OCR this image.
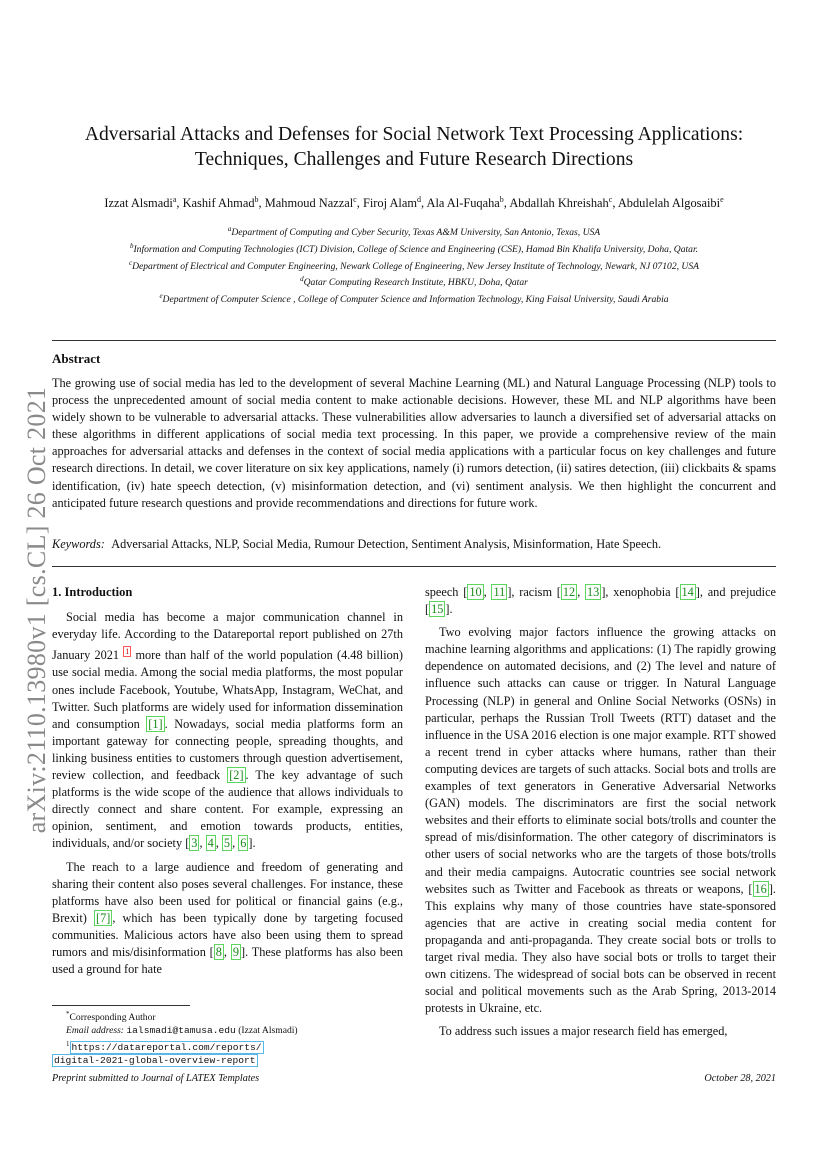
arXiv:2110.13980v1 [cs.CL] 26 Oct 2021
Adversarial Attacks and Defenses for Social Network Text Processing Applications:
Techniques, Challenges and Future Research Directions
Izzat Alsmadi$^a$, Kashif Ahmad$^b$, Mahmoud Nazzal$^c$, Firoj Alam$^d$, Ala Al-Fuqaha$^b$, Abdallah Khreishah$^c$, Abdulelah Algosaibi$^e$
$^a$Department of Computing and Cyber Security, Texas A&M University, San Antonio, Texas, USA
$^b$Information and Computing Technologies (ICT) Division, College of Science and Engineering (CSE), Hamad Bin Khalifa University, Doha, Qatar.
$^c$Department of Electrical and Computer Engineering, Newark College of Engineering, New Jersey Institute of Technology, Newark, NJ 07102, USA
$^d$Qatar Computing Research Institute, HBKU, Doha, Qatar
$^e$Department of Computer Science , College of Computer Science and Information Technology, King Faisal University, Saudi Arabia
Abstract

The growing use of social media has led to the development of several Machine Learning (ML) and Natural Language Processing (NLP) tools to process the unprecedented amount of social media content to make actionable decisions. However, these ML and NLP algorithms have been widely shown to be vulnerable to adversarial attacks. These vulnerabilities allow adversaries to launch a diversified set of adversarial attacks on these algorithms in different applications of social media text processing. In this paper, we provide a comprehensive review of the main approaches for adversarial attacks and defenses in the context of social media applications with a particular focus on key challenges and future research directions. In detail, we cover literature on six key applications, namely (i) rumors detection, (ii) satires detection, (iii) clickbaits & spams identification, (iv) hate speech detection, (v) misinformation detection, and (vi) sentiment analysis. We then highlight the concurrent and anticipated future research questions and provide recommendations and directions for future work.

Keywords: Adversarial Attacks, NLP, Social Media, Rumour Detection, Sentiment Analysis, Misinformation, Hate Speech.

1. Introduction

Social media has become a major communication channel in everyday life. According to the Datareportal report published on 27th January 2021 $^1$ more than half of the world population (4.48 billion) use social media. Among the social media platforms, the most popular ones include Facebook, Youtube, WhatsApp, Instagram, WeChat, and Twitter. Such platforms are widely used for information dissemination and consumption [1] . Nowadays, social media platforms form an important gateway for connecting people, spreading thoughts, and linking business entities to customers through question advertisement, review collection, and feedback [2] . The key advantage of such platforms is the wide scope of the audience that allows individuals to directly connect and share content. For example, expressing an opinion, sentiment, and emotion towards products, entities, individuals, and/or society [ 3 , 4 , 5 , 6 ].

The reach to a large audience and freedom of generating and sharing their content also poses several challenges. For instance, these platforms have also been used for political or financial gains (e.g., Brexit) [7] , which has been typically done by targeting focused communities. Malicious actors have also been using them to spread rumors and mis/disinformation [ 8 , 9 ]. These platforms has also been used a ground for hate

speech [ 10 , 11 ], racism [ 12 , 13 ], xenophobia [ 14 ], and prejudice [ 15 ].

Two evolving major factors influence the growing attacks on machine learning algorithms and applications: (1) The rapidly growing dependence on automated decisions, and (2) The level and nature of influence such attacks can cause or trigger. In Natural Language Processing (NLP) in general and Online Social Networks (OSNs) in particular, perhaps the Russian Troll Tweets (RTT) dataset and the influence in the USA 2016 election is one major example. RTT showed a recent trend in cyber attacks where humans, rather than their computing devices are targets of such attacks. Social bots and trolls are examples of text generators in Generative Adversarial Networks (GAN) models. The discriminators are first the social network websites and their efforts to eliminate social bots/trolls and counter the spread of mis/disinformation. The other category of discriminators is other users of social networks who are the targets of those bots/trolls and their media campaigns. Autocratic countries see social network websites such as Twitter and Facebook as threats or weapons, [ 16 ]. This explains why many of those countries have state-sponsored agencies that are active in creating social media content for propaganda and anti-propaganda. They create social bots or trolls to target rival media. They also have social bots or trolls to target their own citizens. The widespread of social bots can be observed in recent social and political movements such as the Arab Spring, 2013-2014 protests in Ukraine, etc.

To address such issues a major research field has emerged,

*Corresponding Author
Email address: ialsmadi@tamusa.edu (Izzat Alsmadi)
$^1$ https://datareportal.com/reports/
digital-2021-global-overview-report
Preprint submitted to Journal of LATEX Templates	October 28, 2021
